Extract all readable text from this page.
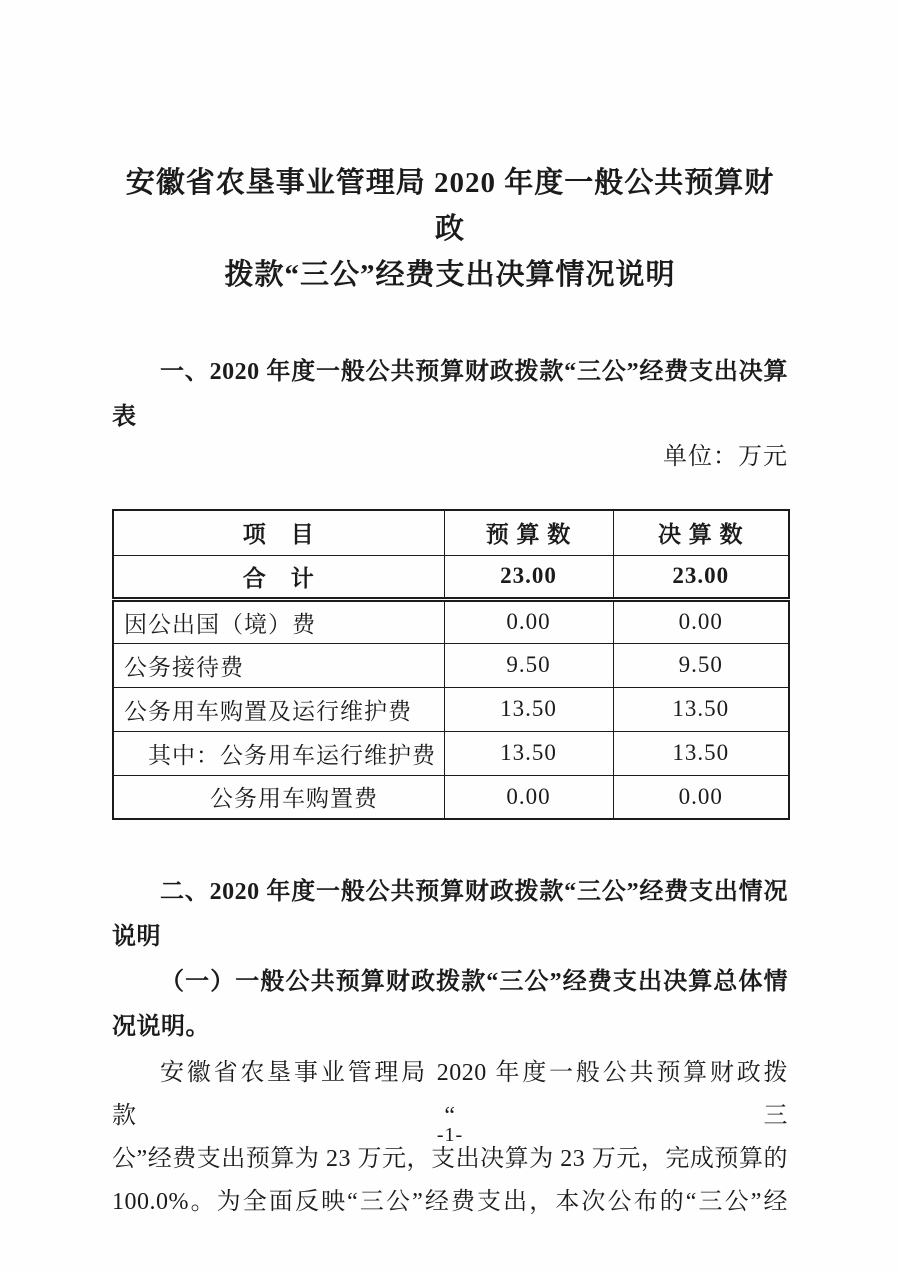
安徽省农垦事业管理局 2020 年度一般公共预算财政
拨款“三公”经费支出决算情况说明
一、2020 年度一般公共预算财政拨款“三公”经费支出决算
表
单位：万元
项　目	预 算 数	决 算 数
合　计	23.00	23.00
因公出国（境）费	0.00	0.00
公务接待费	9.50	9.50
公务用车购置及运行维护费	13.50	13.50
其中：公务用车运行维护费	13.50	13.50
公务用车购置费	0.00	0.00
二、2020 年度一般公共预算财政拨款“三公”经费支出情况
说明
（一）一般公共预算财政拨款“三公”经费支出决算总体情
况说明。
安徽省农垦事业管理局 2020 年度一般公共预算财政拨款“三
公”经费支出预算为 23 万元，支出决算为 23 万元，完成预算的
100.0%。为全面反映“三公”经费支出，本次公布的“三公”经
-1-
